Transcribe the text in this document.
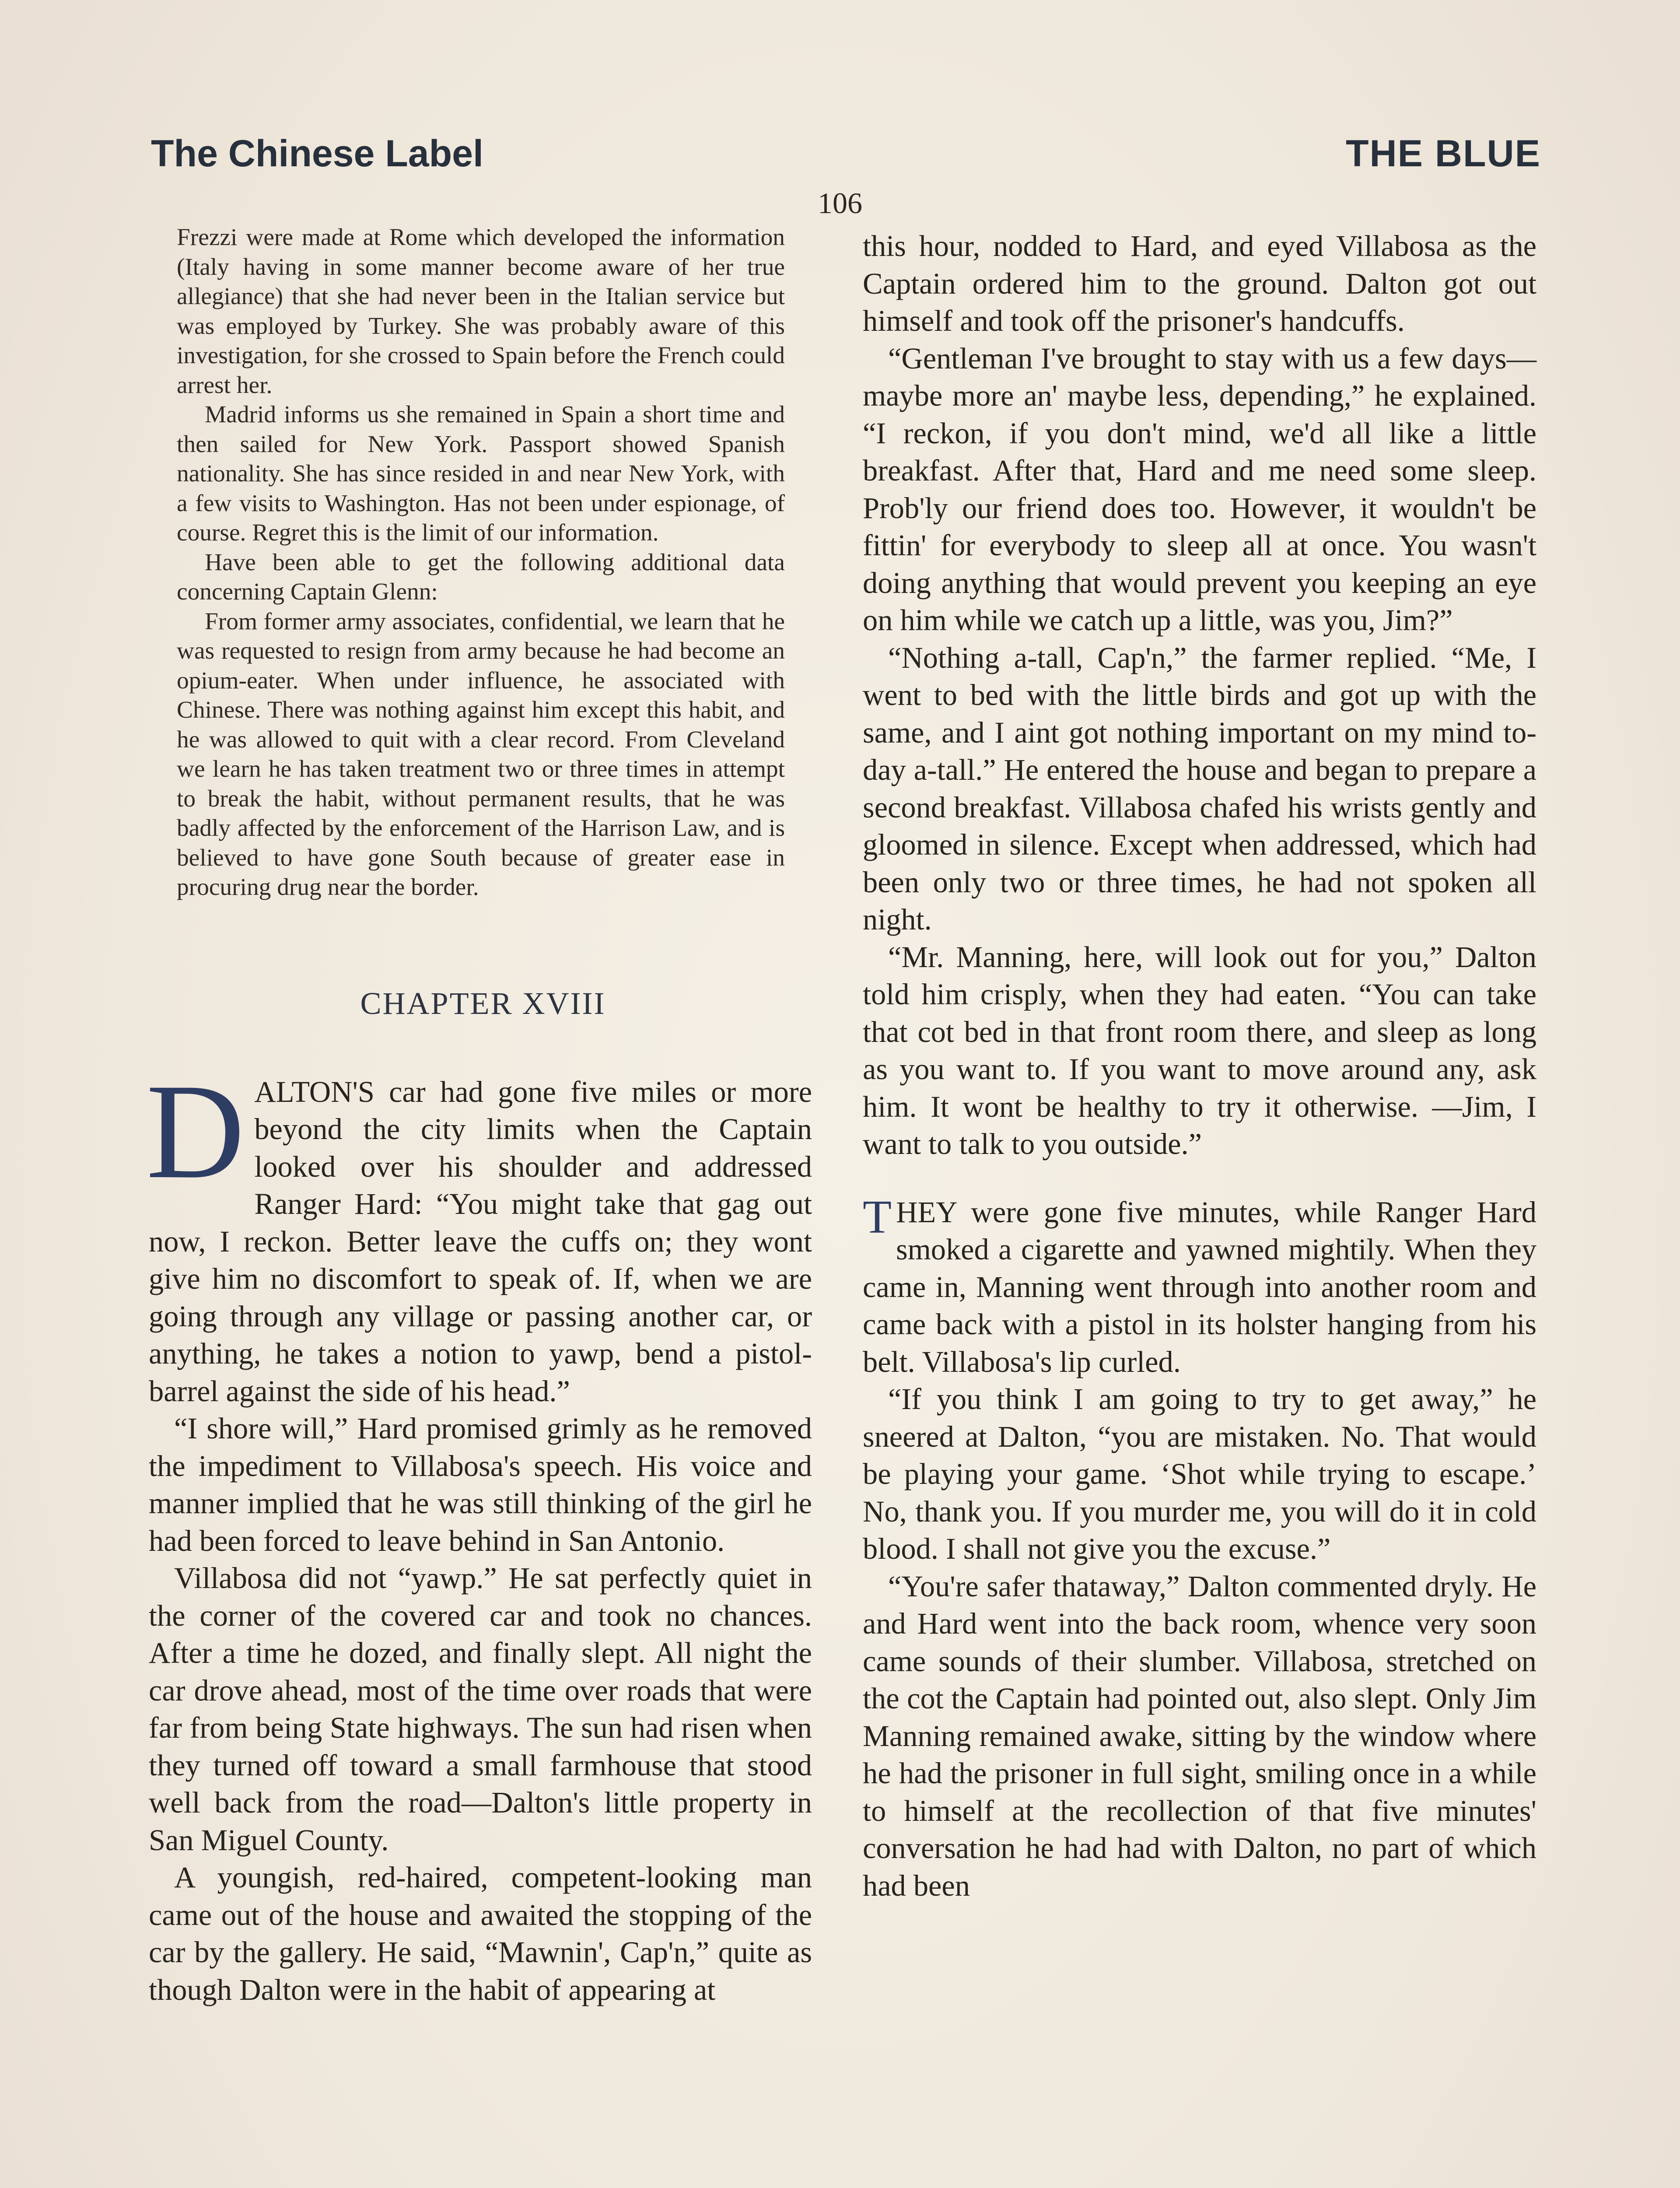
The Chinese Label	THE BLUE
106

Frezzi were made at Rome which developed the information (Italy having in some manner become aware of her true allegiance) that she had never been in the Italian service but was employed by Turkey. She was probably aware of this investigation, for she crossed to Spain before the French could arrest her.

Madrid informs us she remained in Spain a short time and then sailed for New York. Passport showed Spanish nationality. She has since resided in and near New York, with a few visits to Washington. Has not been under espionage, of course. Regret this is the limit of our information.

Have been able to get the following additional data concerning Captain Glenn:

From former army associates, confidential, we learn that he was requested to resign from army because he had become an opium-eater. When under influence, he associated with Chinese. There was nothing against him except this habit, and he was allowed to quit with a clear record. From Cleveland we learn he has taken treatment two or three times in attempt to break the habit, without permanent results, that he was badly affected by the enforcement of the Harrison Law, and is believed to have gone South because of greater ease in procuring drug near the border.

CHAPTER XVIII

DALTON'S car had gone five miles or more beyond the city limits when the Captain looked over his shoulder and addressed Ranger Hard: “You might take that gag out now, I reckon. Better leave the cuffs on; they wont give him no discomfort to speak of. If, when we are going through any village or passing another car, or anything, he takes a notion to yawp, bend a pistol-barrel against the side of his head.”

“I shore will,” Hard promised grimly as he removed the impediment to Villabosa's speech. His voice and manner implied that he was still thinking of the girl he had been forced to leave behind in San Antonio.

Villabosa did not “yawp.” He sat perfectly quiet in the corner of the covered car and took no chances. After a time he dozed, and finally slept. All night the car drove ahead, most of the time over roads that were far from being State highways. The sun had risen when they turned off toward a small farmhouse that stood well back from the road—Dalton's little property in San Miguel County.

A youngish, red-haired, competent-looking man came out of the house and awaited the stopping of the car by the gallery. He said, “Mawnin', Cap'n,” quite as though Dalton were in the habit of appearing at

this hour, nodded to Hard, and eyed Villabosa as the Captain ordered him to the ground. Dalton got out himself and took off the prisoner's handcuffs.

“Gentleman I've brought to stay with us a few days—maybe more an' maybe less, depending,” he explained. “I reckon, if you don't mind, we'd all like a little breakfast. After that, Hard and me need some sleep. Prob'ly our friend does too. However, it wouldn't be fittin' for everybody to sleep all at once. You wasn't doing anything that would prevent you keeping an eye on him while we catch up a little, was you, Jim?”

“Nothing a-tall, Cap'n,” the farmer replied. “Me, I went to bed with the little birds and got up with the same, and I aint got nothing important on my mind to-day a-tall.” He entered the house and began to prepare a second breakfast. Villabosa chafed his wrists gently and gloomed in silence. Except when addressed, which had been only two or three times, he had not spoken all night.

“Mr. Manning, here, will look out for you,” Dalton told him crisply, when they had eaten. “You can take that cot bed in that front room there, and sleep as long as you want to. If you want to move around any, ask him. It wont be healthy to try it otherwise. —Jim, I want to talk to you outside.”

THEY were gone five minutes, while Ranger Hard smoked a cigarette and yawned mightily. When they came in, Manning went through into another room and came back with a pistol in its holster hanging from his belt. Villabosa's lip curled.

“If you think I am going to try to get away,” he sneered at Dalton, “you are mistaken. No. That would be playing your game. ‘Shot while trying to escape.’ No, thank you. If you murder me, you will do it in cold blood. I shall not give you the excuse.”

“You're safer thataway,” Dalton commented dryly. He and Hard went into the back room, whence very soon came sounds of their slumber. Villabosa, stretched on the cot the Captain had pointed out, also slept. Only Jim Manning remained awake, sitting by the window where he had the prisoner in full sight, smiling once in a while to himself at the recollection of that five minutes' conversation he had had with Dalton, no part of which had been
